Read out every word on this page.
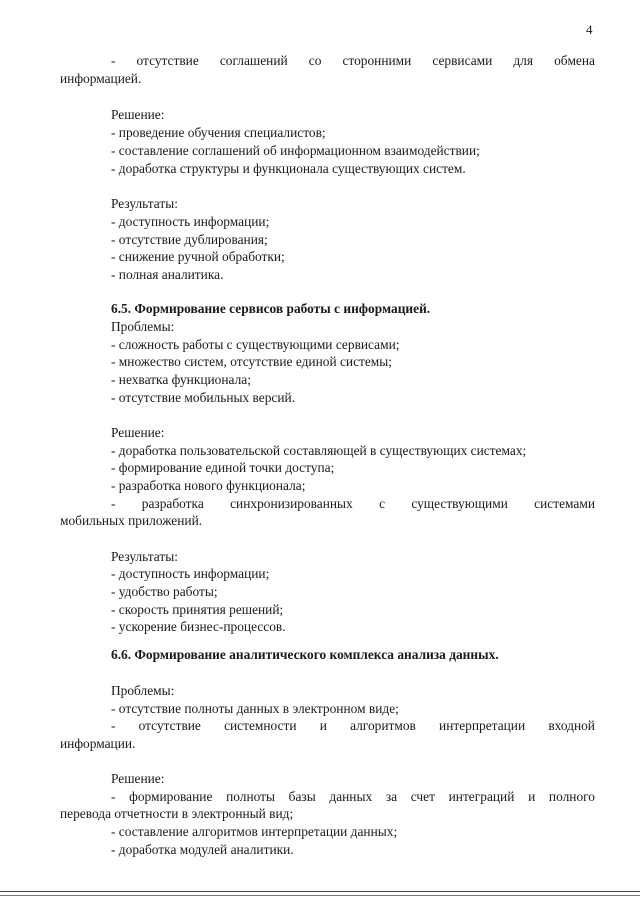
4
- отсутствие соглашений со сторонними сервисами для обмена
информацией.
Решение:
- проведение обучения специалистов;
- составление соглашений об информационном взаимодействии;
- доработка структуры и функционала существующих систем.
Результаты:
- доступность информации;
- отсутствие дублирования;
- снижение ручной обработки;
- полная аналитика.
6.5. Формирование сервисов работы с информацией.
Проблемы:
- сложность работы с существующими сервисами;
- множество систем, отсутствие единой системы;
- нехватка функционала;
- отсутствие мобильных версий.
Решение:
- доработка пользовательской составляющей в существующих системах;
- формирование единой точки доступа;
- разработка нового функционала;
- разработка синхронизированных с существующими системами
мобильных приложений.
Результаты:
- доступность информации;
- удобство работы;
- скорость принятия решений;
- ускорение бизнес-процессов.
6.6. Формирование аналитического комплекса анализа данных.
Проблемы:
- отсутствие полноты данных в электронном виде;
- отсутствие системности и алгоритмов интерпретации входной
информации.
Решение:
- формирование полноты базы данных за счет интеграций и полного
перевода отчетности в электронный вид;
- составление алгоритмов интерпретации данных;
- доработка модулей аналитики.
